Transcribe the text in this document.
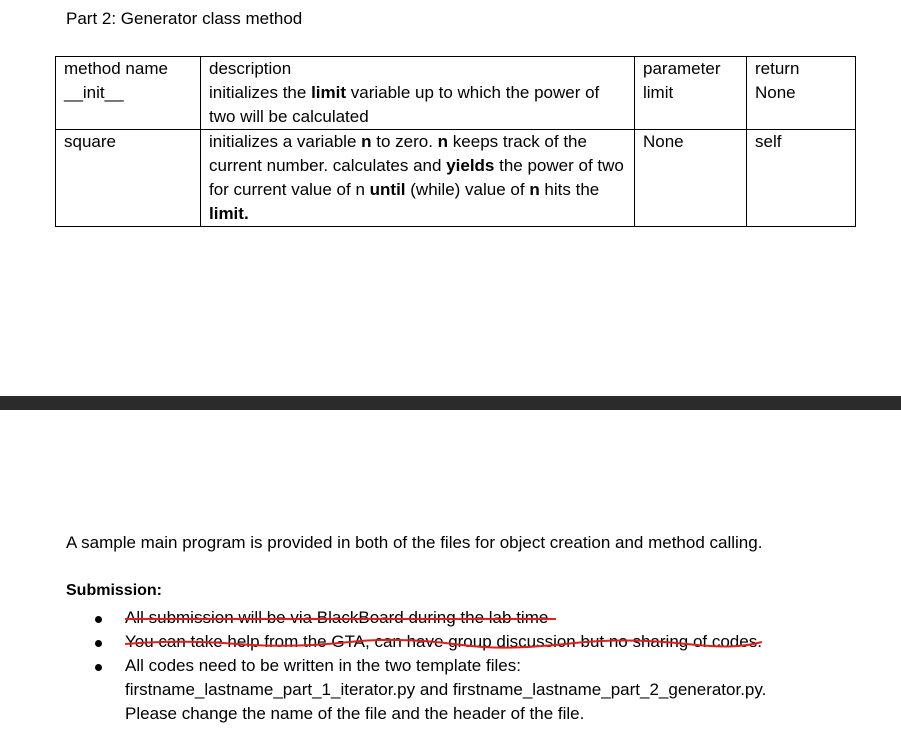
Part 2: Generator class method
method name	description	parameter	return
__init__	initializes the limit variable up to which the power of two will be calculated	limit	None
square	initializes a variable n to zero. n keeps track of the current number. calculates and yields the power of two for current value of n until (while) value of n hits the limit.	None	self
A sample main program is provided in both of the files for object creation and method calling.
Submission:
You can take help from the GTA, can have group discussion but no sharing of codes.
All codes need to be written in the two template files:
firstname_lastname_part_1_iterator.py and firstname_lastname_part_2_generator.py.
Please change the name of the file and the header of the file.
